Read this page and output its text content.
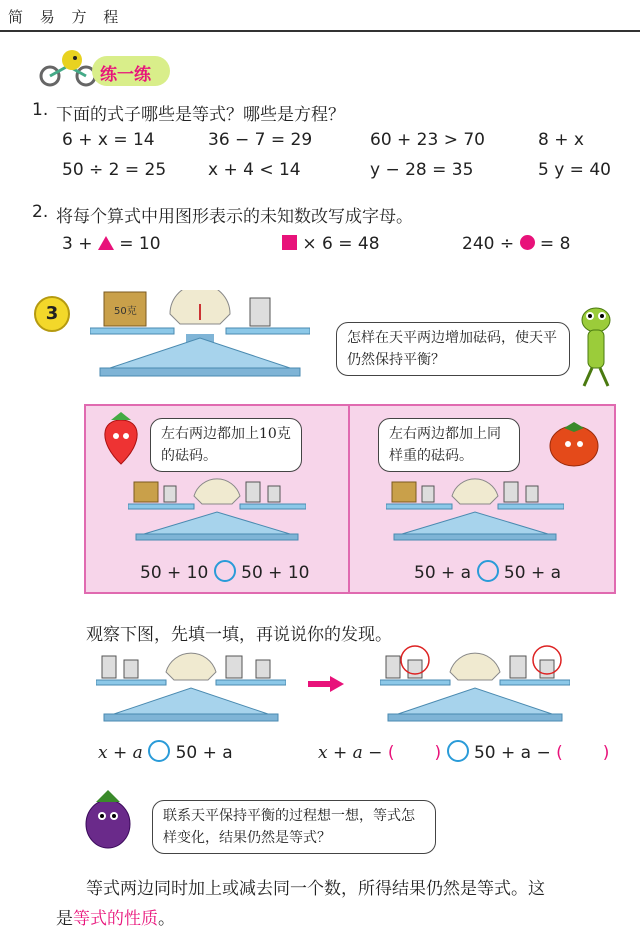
简 易 方 程
练一练
1. 下面的式子哪些是等式？哪些是方程？
6 + x = 14	36 − 7 = 29	60 + 23 > 70	8 + x
50 ÷ 2 = 25 x + 4 < 14	y − 28 = 35	5 y = 40
2. 将每个算式中用图形表示的未知数改写成字母。
3 + = 10	× 6 = 48	240 ÷ = 8
3	50克
怎样在天平两边增加砝码，使天平仍然保持平衡？
左右两边都加上10克的砝码。
左右两边都加上同样重的砝码。
50 + 10 50 + 10	50 + a 50 + a
观察下图，先填一填，再说说你的发现。
x + a 50 + a	x + a − ( ) 50 + a − ( )
联系天平保持平衡的过程想一想，等式怎样变化，结果仍然是等式？
等式两边同时加上或减去同一个数，所得结果仍然是等式。这
是等式的性质。
